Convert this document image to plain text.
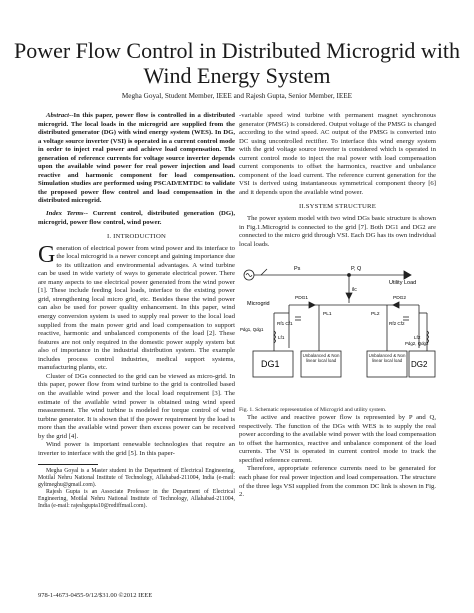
Power Flow Control in Distributed Microgrid with Wind Energy System
Megha Goyal, Student Member, IEEE and Rajesh Gupta, Senior Member, IEEE

Abstract--In this paper, power flow is controlled in a distributed microgrid. The local loads in the microgrid are supplied from the distributed generator (DG) with wind energy system (WES). In DG, a voltage source inverter (VSI) is operated in a current control mode in order to inject real power and achieve load compensation. The generation of reference currents for voltage source inverter depends upon the available wind power for real power injection and load reactive and harmonic component for load compensation. Simulation studies are performed using PSCAD/EMTDC to validate the proposed power flow control and load compensation in the distributed microgrid.

Index Terms-- Current control, distributed generation (DG), microgrid, power flow control, wind power.

I. INTRODUCTION

Generation of electrical power from wind power and its interface to the local microgrid is a newer concept and gaining importance due to its utilization and environmental advantages. A wind turbine can be used in wide variety of ways to generate electrical power. There are many aspects to use electrical power generated from the wind power [1]. These include feeding local loads, interface to the existing power grid, strengthening local micro grid, etc. Besides these the wind power can also be used for power quality enhancement. In this paper, wind energy conversion system is used to supply real power to the local load supplied from the main power grid and load compensation to support reactive, harmonic and unbalanced components of the load [2]. These features are not only required in the domestic power supply system but also of importance in the industrial distribution system. The example includes process control industries, medical support systems, manufacturing plants, etc.

Cluster of DGs connected to the grid can be viewed as micro-grid. In this paper, power flow from wind turbine to the grid is controlled based on the available wind power and the local load requirement [3]. The estimate of the available wind power is obtained using wind speed measurement. The wind turbine is modeled for torque control of wind turbine generator. It is shown that if the power requirement by the load is more than the available wind power then excess power can be received by the grid [4].

Wind power is important renewable technologies that require an inverter to interface with the grid [5]. In this paper-

Megha Goyal is a Master student in the Department of Electrical Engineering, Motilal Nehru National Institute of Technology, Allahabad-211004, India (e-mail: gyltmeghu@gmail.com).

Rajesh Gupta is an Associate Professor in the Department of Electrical Engineering, Motilal Nehru National Institute of Technology, Allahabad-211004, India (e-mail: rajeshgupta10@rediffmail.com).

-variable speed wind turbine with permanent magnet synchronous generator (PMSG) is considered. Output voltage of the PMSG is changed according to the wind speed. AC output of the PMSG is converted into DC using uncontrolled rectifier. To interface this wind energy system with the grid voltage source inverter is considered which is operated in current control mode to inject the real power with load compensation current components to offset the harmonics, reactive and unbalance component of the load current. The reference current generation for the VSI is derived using instantaneous symmetrical component theory [6] and it depends upon the available wind power.

II.SYSTEM STRUCTURE

The power system model with two wind DGs basic structure is shown in Fig.1.Microgrid is connected to the grid [7]. Both DG1 and DG2 are connected to the micro grid through VSI. Each DG has its own individual local loads.

Ps	P, Q
Utility Load
Microgrid
ilc
PDG1	PDG2
PL1	PL2
Rf1 Cf1	Rf2 Cf2
Lf1	Lf2
Pdg1, Qdg1
Pdg2, Qdg2
DG1	DG2
Unbalanced & Non linear local load
Unbalanced & Non linear local load

Fig. 1. Schematic representation of Microgrid and utility system.

The active and reactive power flow is represented by P and Q, respectively. The function of the DGs with WES is to supply the real power according to the available wind power with the load compensation to offset the harmonics, reactive and unbalance component of the load currents. The VSI is operated in current control mode to track the specified reference current.

Therefore, appropriate reference currents need to be generated for each phase for real power injection and load compensation. The structure of the three legs VSI supplied from the common DC link is shown in Fig. 2.

978-1-4673-0455-9/12/$31.00 ©2012 IEEE
